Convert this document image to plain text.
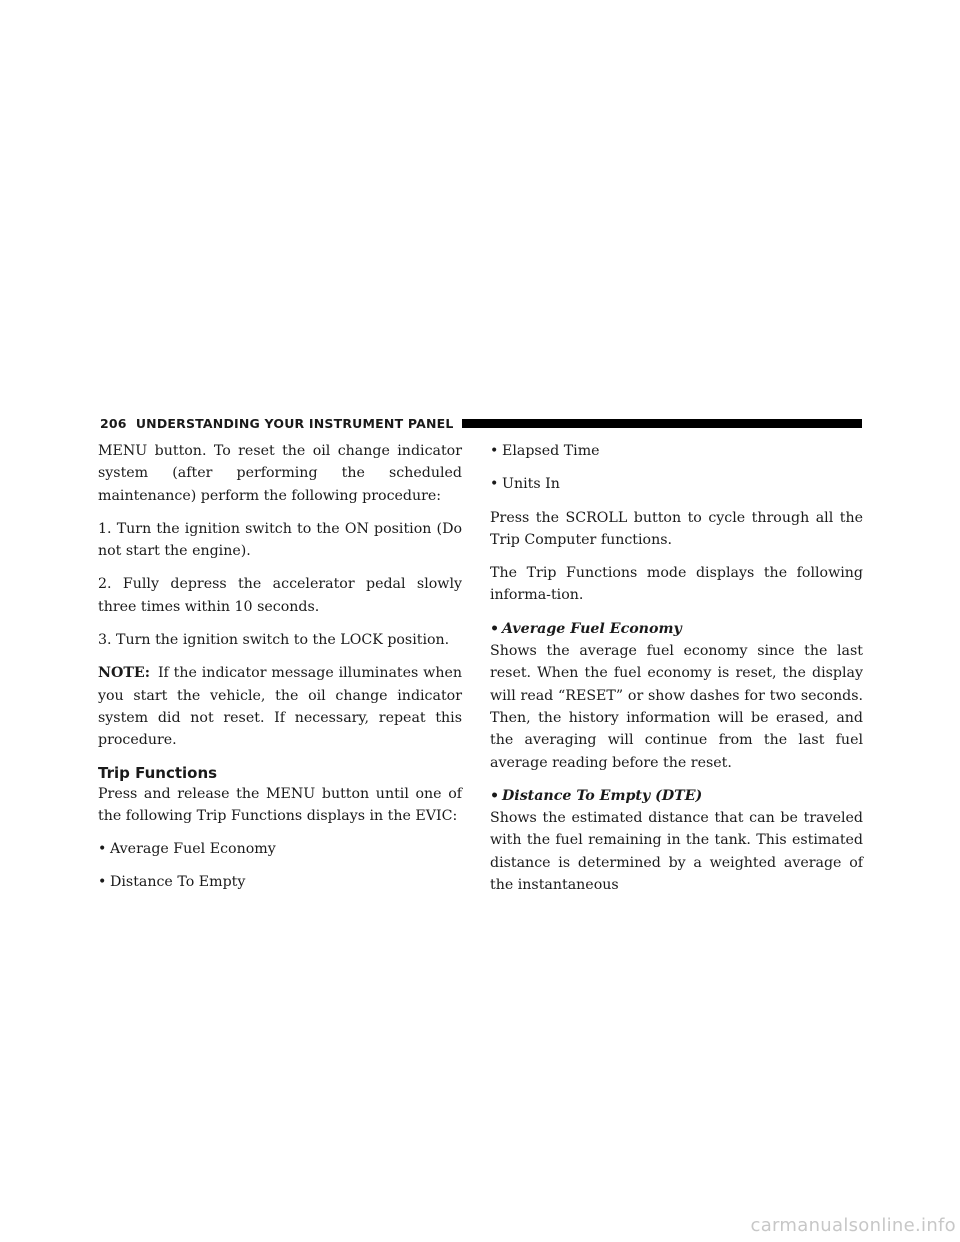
206 UNDERSTANDING YOUR INSTRUMENT PANEL

MENU button. To reset the oil change indicator system (after performing the scheduled maintenance) perform the following procedure:

1. Turn the ignition switch to the ON position (Do not start the engine).

2. Fully depress the accelerator pedal slowly three times within 10 seconds.

3. Turn the ignition switch to the LOCK position.

NOTE: If the indicator message illuminates when you start the vehicle, the oil change indicator system did not reset. If necessary, repeat this procedure.

Trip Functions

Press and release the MENU button until one of the following Trip Functions displays in the EVIC:

• Average Fuel Economy
• Distance To Empty
• Elapsed Time
• Units In

Press the SCROLL button to cycle through all the Trip Computer functions.

The Trip Functions mode displays the following informa-tion.

• Average Fuel Economy

Shows the average fuel economy since the last reset. When the fuel economy is reset, the display will read “RESET” or show dashes for two seconds. Then, the history information will be erased, and the averaging will continue from the last fuel average reading before the reset.

• Distance To Empty (DTE)

Shows the estimated distance that can be traveled with the fuel remaining in the tank. This estimated distance is determined by a weighted average of the instantaneous

carmanualsonline.info
